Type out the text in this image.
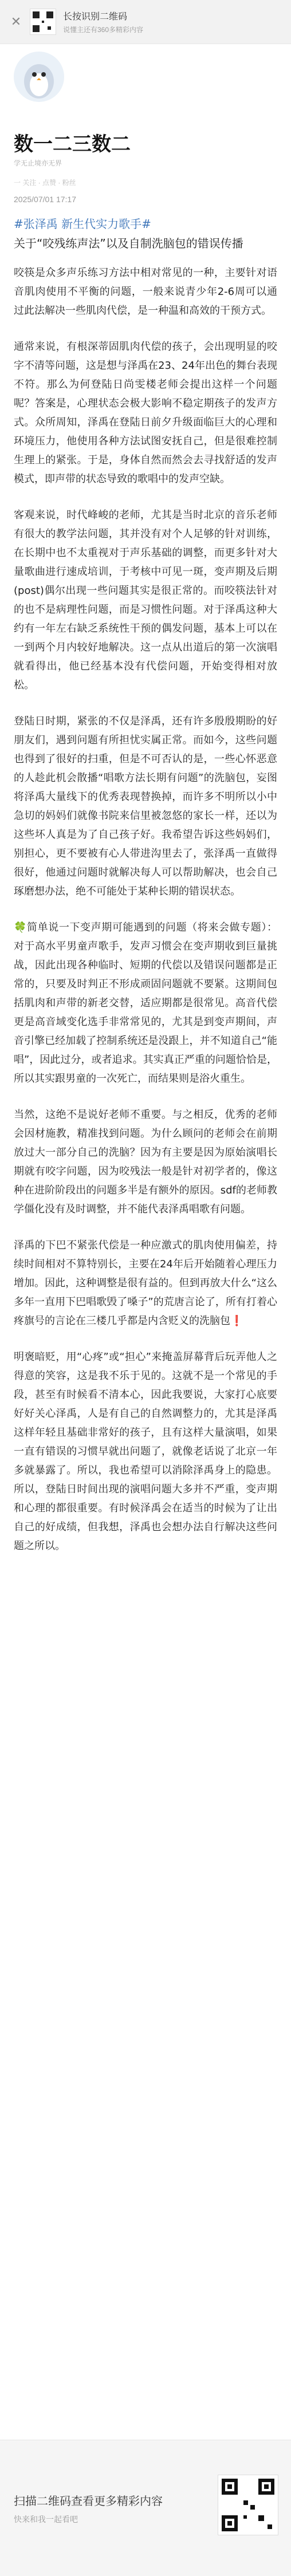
✕	长按识别二维码
说懂主还有360多精彩内容
数一二三数二
学无止境亦无界
一 关注 · 点赞 · 粉丝
2025/07/01 17:17
#张泽禹 新生代实力歌手#
关于“咬残练声法”以及自制洗脑包的错误传播

咬筷是众多声乐练习方法中相对常见的一种，主要针对语音肌肉使用不平衡的问题，一般来说青少年2-6周可以通过此法解决一些肌肉代偿，是一种温和高效的干预方式。

通常来说，有根深蒂固肌肉代偿的孩子，会出现明显的咬字不清等问题，这是想与泽禹在23、24年出色的舞台表现不符。那么为何登陆日尚雯楼老师会提出这样一个问题呢？答案是，心理状态会极大影响不稳定期孩子的发声方式。众所周知，泽禹在登陆日前夕升级面临巨大的心理和环境压力，他使用各种方法试图安抚自己，但是很难控制生理上的紧张。于是，身体自然而然会去寻找舒适的发声模式，即声带的状态导致的歌唱中的发声空缺。

客观来说，时代峰峻的老师，尤其是当时北京的音乐老师有很大的教学法问题，其并没有对个人足够的针对训练，在长期中也不太重视对于声乐基础的调整，而更多针对大量歌曲进行速成培训，于考核中可见一斑，变声期及后期(post)偶尔出现一些问题其实是很正常的。而咬筷法针对的也不是病理性问题，而是习惯性问题。对于泽禹这种大约有一年左右缺乏系统性干预的偶发问题，基本上可以在一到两个月内较好地解决。这一点从出道后的第一次演唱就看得出，他已经基本没有代偿问题，开始变得相对放松。

登陆日时期，紧张的不仅是泽禹，还有许多殷殷期盼的好朋友们，遇到问题有所担忧实属正常。而如今，这些问题也得到了很好的扫重，但是不可否认的是，一些心怀恶意的人趁此机会散播“唱歌方法长期有问题”的洗脑包，妄图将泽禹大量线下的优秀表现替换掉，而许多不明所以小中急切的妈妈们就像书院来信里被忽悠的家长一样，还以为这些坏人真是为了自己孩子好。我希望告诉这些妈妈们，别担心，更不要被有心人带进沟里去了，张泽禹一直做得很好，他通过问题时就解决每人可以帮助解决，也会自己琢磨想办法，绝不可能处于某种长期的错误状态。

🍀简单说一下变声期可能遇到的问题（将来会做专题）：对于高水平男童声歌手，发声习惯会在变声期收到巨量挑战，因此出现各种临时、短期的代偿以及错误问题都是正常的，只要及时判正不形成顽固问题就不要紧。这期间包括肌肉和声带的新老交替，适应期都是很常见。高音代偿更是高音域变化选手非常常见的，尤其是到变声期间，声音引擎已经加载了控制系统还是没跟上，并不知道自己“能唱”，因此过分，或者追求。其实真正严重的问题恰恰是，所以其实跟男童的一次死亡，而结果则是浴火重生。

当然，这绝不是说好老师不重要。与之相反，优秀的老师会因材施教，精准找到问题。为什么顾问的老师会在前期放过大一部分自己的洗脑？因为有主要是因为原始演唱长期就有咬字问题，因为咬残法一般是针对初学者的，像这种在进阶阶段出的问题多半是有额外的原因。sdf的老师教学僵化没有及时调整，并不能代表泽禹唱歌有问题。

泽禹的下巴不紧张代偿是一种应激式的肌肉使用偏差，持续时间相对不算特别长，主要在24年后开始随着心理压力增加。因此，这种调整是很有益的。但到再放大什么“这么多年一直用下巴唱歌毁了嗓子”的荒唐言论了，所有打着心疼旗号的言论在三楼几乎都是内含贬义的洗脑包❗️

明褒暗贬，用“心疼”或“担心”来掩盖屏幕背后玩弄他人之得意的笑容，这是我不乐于见的。这就不是一个常见的手段，甚至有时候看不清本心，因此我要说，大家打心底要好好关心泽禹，人是有自己的自然调整力的，尤其是泽禹这样年轻且基础非常好的孩子，且有这样大量演唱，如果一直有错误的习惯早就出问题了，就像老话说了北京一年多就暴露了。所以，我也希望可以消除泽禹身上的隐患。所以，登陆日时间出现的演唱问题大多并不严重，变声期和心理的都很重要。有时候泽禹会在适当的时候为了让出自己的好成绩，但我想，泽禹也会想办法自行解决这些问题之所以。

扫描二维码查看更多精彩内容
快来和我一起看吧
